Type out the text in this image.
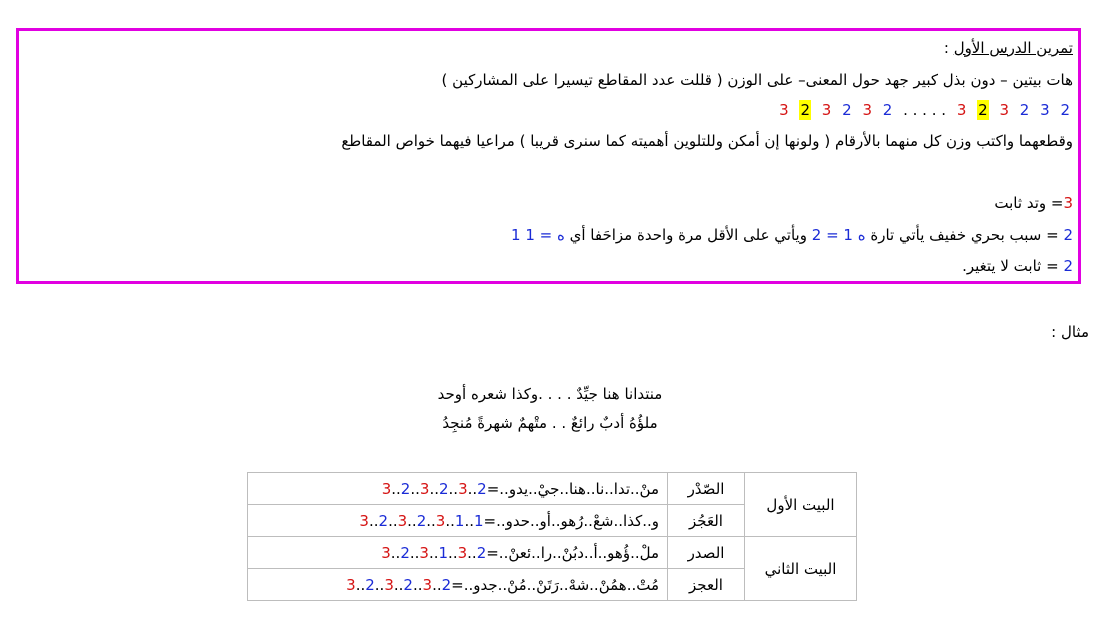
تمرين الدرس الأول :
هات بيتين – دون بذل كبير جهد حول المعنى– على الوزن ( قللت عدد المقاطع تيسيرا على المشاركين )
3 2 3 2 3 2 . . . . . 3 2 3 2 3 2
وقطعهما واكتب وزن كل منهما بالأرقام ( ولونها إن أمكن وللتلوين أهميته كما سنرى قريبا ) مراعيا فيهما خواص المقاطع
3= وتد ثابت
2 = سبب بحري خفيف يأتي تارة 2 = 1 ه ويأتي على الأقل مرة واحدة مزاحَفا أي 1 ه = 1
2 = ثابت لا يتغير.
مثال :
منتدانا هنا جيِّدٌ . . . .وكذا شعره أوحد
ملؤُهُ أدبٌ رائعٌ . . متْهمٌ شهرةً مُنجِدُ
البيت الأول	الصّدْر	منْ..تدا..نا..هنا..جيْ..يدو..=3..2..3..2..3..2
	العَجُز	و..كذا..شعْ..رُهو..أو..حدو..=3..2..3..2..3..1..1
البيت الثاني	الصدر	ملْ..ؤُهو..أ..دبُنْ..را..ئعنْ..=3..2..3..1..3..2
	العجز	مُتْ..همُنْ..شهْ..رَتَنْ..مُنْ..جدو..=3..2..3..2..3..2
